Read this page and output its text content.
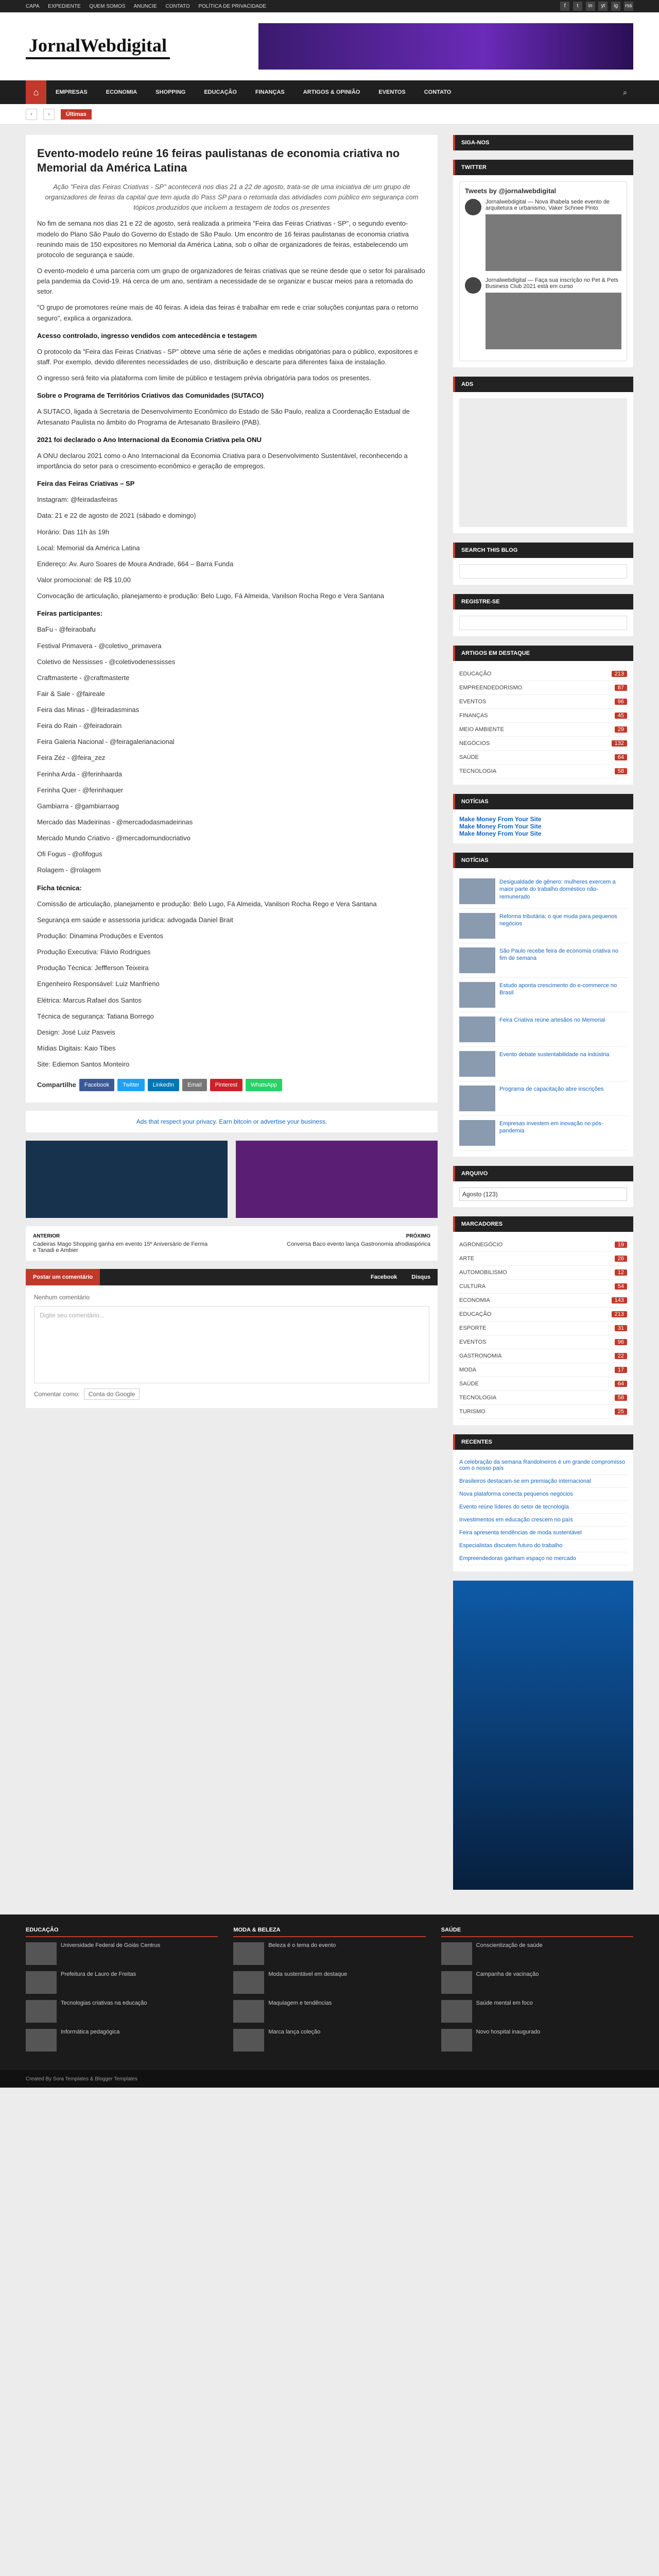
CAPA EXPEDIENTE QUEM SOMOS ANUNCIE CONTATO POLÍTICA DE PRIVACIDADE	f t in yt ig rss
JornalWebdigital
⌂	EMPRESAS	ECONOMIA	SHOPPING	EDUCAÇÃO	FINANÇAS	ARTIGOS & OPINIÃO	EVENTOS	CONTATO	⌕
‹	›	Últimas
Evento-modelo reúne 16 feiras paulistanas de economia criativa no Memorial da América Latina

Ação "Feira das Feiras Criativas - SP" acontecerá nos dias 21 a 22 de agosto, trata-se de uma iniciativa de um grupo de organizadores de feiras da capital que tem ajuda do Pass SP para o retomada das atividades com público em segurança com tópicos produzidos que incluem a testagem de todos os presentes

No fim de semana nos dias 21 e 22 de agosto, será realizada a primeira "Feira das Feiras Criativas - SP", o segundo evento-modelo do Plano São Paulo do Governo do Estado de São Paulo. Um encontro de 16 feiras paulistanas de economia criativa reunindo mais de 150 expositores no Memorial da América Latina, sob o olhar de organizadores de feiras, estabelecendo um protocolo de segurança e saúde.

O evento-modelo é uma parceria com um grupo de organizadores de feiras criativas que se reúne desde que o setor foi paralisado pela pandemia da Covid-19. Há cerca de um ano, sentiram a necessidade de se organizar e buscar meios para a retomada do setor.

"O grupo de promotores reúne mais de 40 feiras. A ideia das feiras é trabalhar em rede e criar soluções conjuntas para o retorno seguro", explica a organizadora.

Acesso controlado, ingresso vendidos com antecedência e testagem

O protocolo da "Feira das Feiras Criativas - SP" obteve uma série de ações e medidas obrigatórias para o público, expositores e staff. Por exemplo, devido diferentes necessidades de uso, distribuição e descarte para diferentes faixa de instalação.

O ingresso será feito via plataforma com limite de público e testagem prévia obrigatória para todos os presentes.

Sobre o Programa de Territórios Criativos das Comunidades (SUTACO)

A SUTACO, ligada à Secretaria de Desenvolvimento Econômico do Estado de São Paulo, realiza a Coordenação Estadual de Artesanato Paulista no âmbito do Programa de Artesanato Brasileiro (PAB).

2021 foi declarado o Ano Internacional da Economia Criativa pela ONU

A ONU declarou 2021 como o Ano Internacional da Economia Criativa para o Desenvolvimento Sustentável, reconhecendo a importância do setor para o crescimento econômico e geração de empregos.

Feira das Feiras Criativas – SP

Instagram: @feiradasfeiras

Data: 21 e 22 de agosto de 2021 (sábado e domingo)

Horário: Das 11h às 19h

Local: Memorial da América Latina

Endereço: Av. Auro Soares de Moura Andrade, 664 – Barra Funda

Valor promocional: de R$ 10,00

Convocação de articulação, planejamento e produção: Belo Lugo, Fá Almeida, Vanilson Rocha Rego e Vera Santana

Feiras participantes:

BaFu - @feiraobafu

Festival Primavera - @coletivo_primavera

Coletivo de Nessisses - @coletivodenessisses

Craftmasterte - @craftmasterte

Fair & Sale - @faireale

Feira das Minas - @feiradasminas

Feira do Rain - @feiradorain

Feira Galeria Nacional - @feiragalerianacional

Feira Zéz - @feira_zez

Ferinha Arda - @ferinhaarda

Ferinha Quer - @ferinhaquer

Gambiarra - @gambiarraog

Mercado das Madeirinas - @mercadodasmadeirinas

Mercado Mundo Criativo - @mercadomundocriativo

Ofi Fogus - @ofifogus

Rolagem - @rolagem

Ficha técnica:

Comissão de articulação, planejamento e produção: Belo Lugo, Fá Almeida, Vanilson Rocha Rego e Vera Santana

Segurança em saúde e assessoria jurídica: advogada Daniel Brait

Produção: Dinamina Produções e Eventos

Produção Executiva: Flávio Rodrigues

Produção Técnica: Jeffferson Teixeira

Engenheiro Responsável: Luiz Manfrieno

Elétrica: Marcus Rafael dos Santos

Técnica de segurança: Tatiana Borrego

Design: José Luiz Pasveis

Mídias Digitais: Kaio Tibes

Site: Ediemon Santos Monteiro

Compartilhe	Facebook	Twitter	LinkedIn	Email	Pinterest	WhatsApp
Ads that respect your privacy. Earn bitcoin or advertise your business.
ANTERIOR
Cadeiras Mago Shopping ganha em evento 15º Aniversário de Ferma e Tanadi e Ambier
PRÓXIMO
Conversa Baco evento lança Gastronomia afrodiaspórica
Postar um comentário	Facebook	Disqus
Nenhum comentário
Digite seu comentário...
Comentar como:	Conta do Google
SIGA-NOS
TWITTER
Tweets by @jornalwebdigital
Jornalwebdigital — Nova ilhabela sede evento de arquitetura e urbanismo, Vaker Schnee Pinto
Jornalwebdigital — Faça sua inscrição no Pet & Pets Business Club 2021 está em curso
ADS
SEARCH THIS BLOG
REGISTRE-SE
ARTIGOS EM DESTAQUE
EDUCAÇÃO	213
EMPREENDEDORISMO	87
EVENTOS	96
FINANÇAS	45
MEIO AMBIENTE	29
NEGÓCIOS	132
SAÚDE	64
TECNOLOGIA	58
NOTÍCIAS

Make Money From Your Site

Make Money From Your Site

Make Money From Your Site

NOTÍCIAS
Desigualdade de gênero: mulheres exercem a maior parte do trabalho doméstico não-remunerado
Reforma tributária: o que muda para pequenos negócios
São Paulo recebe feira de economia criativa no fim de semana
Estudo aponta crescimento do e-commerce no Brasil
Feira Criativa reúne artesãos no Memorial
Evento debate sustentabilidade na indústria
Programa de capacitação abre inscrições
Empresas investem em inovação no pós-pandemia
ARQUIVO
Agosto (123)
MARCADORES
AGRONEGÓCIO	19
ARTE	26
AUTOMOBILISMO	12
CULTURA	54
ECONOMIA	143
EDUCAÇÃO	213
ESPORTE	31
EVENTOS	96
GASTRONOMIA	22
MODA	17
SAÚDE	64
TECNOLOGIA	58
TURISMO	25
RECENTES

A celebração da semana Randolneiros é um grande compromisso com o nosso país

Brasileiros destacam-se em premiação internacional

Nova plataforma conecta pequenos negócios

Evento reúne líderes do setor de tecnologia

Investimentos em educação crescem no país

Feira apresenta tendências de moda sustentável

Especialistas discutem futuro do trabalho

Empreendedoras ganham espaço no mercado

EDUCAÇÃO
Universidade Federal de Goiás Centrus
Prefeitura de Lauro de Freitas
Tecnologias criativas na educação
Informática pedagógica
MODA & BELEZA
Beleza é o tema do evento
Moda sustentável em destaque
Maquiagem e tendências
Marca lança coleção
SAÚDE
Conscientização de saúde
Campanha de vacinação
Saúde mental em foco
Novo hospital inaugurado
Created By Sora Templates & Blogger Templates
